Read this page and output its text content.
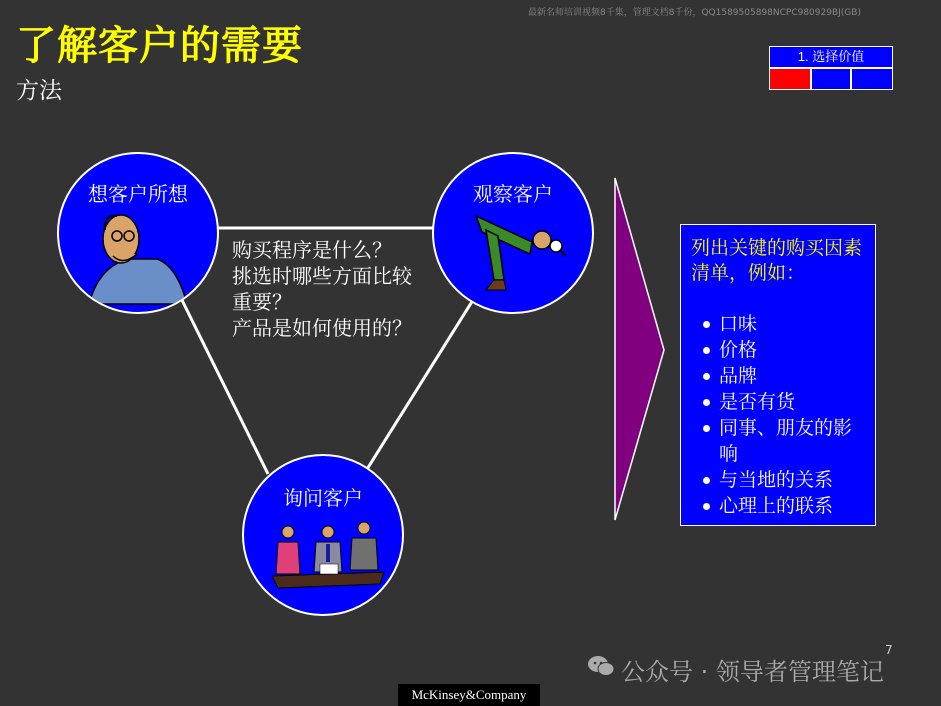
了解客户的需要
方法
最新名师培训视频8千集，管理文档8千份，QQ1589505898NCPC980929BJ(GB)
1. 选择价值
想客户所想	观察客户
询问客户
购买程序是什么？
挑选时哪些方面比较
重要？
产品是如何使用的？
列出关键的购买因素清单，例如：
口味
价格
品牌
是否有货
同事、朋友的影响
与当地的关系
心理上的联系
7
公众号 · 领导者管理笔记
McKinsey&Company
